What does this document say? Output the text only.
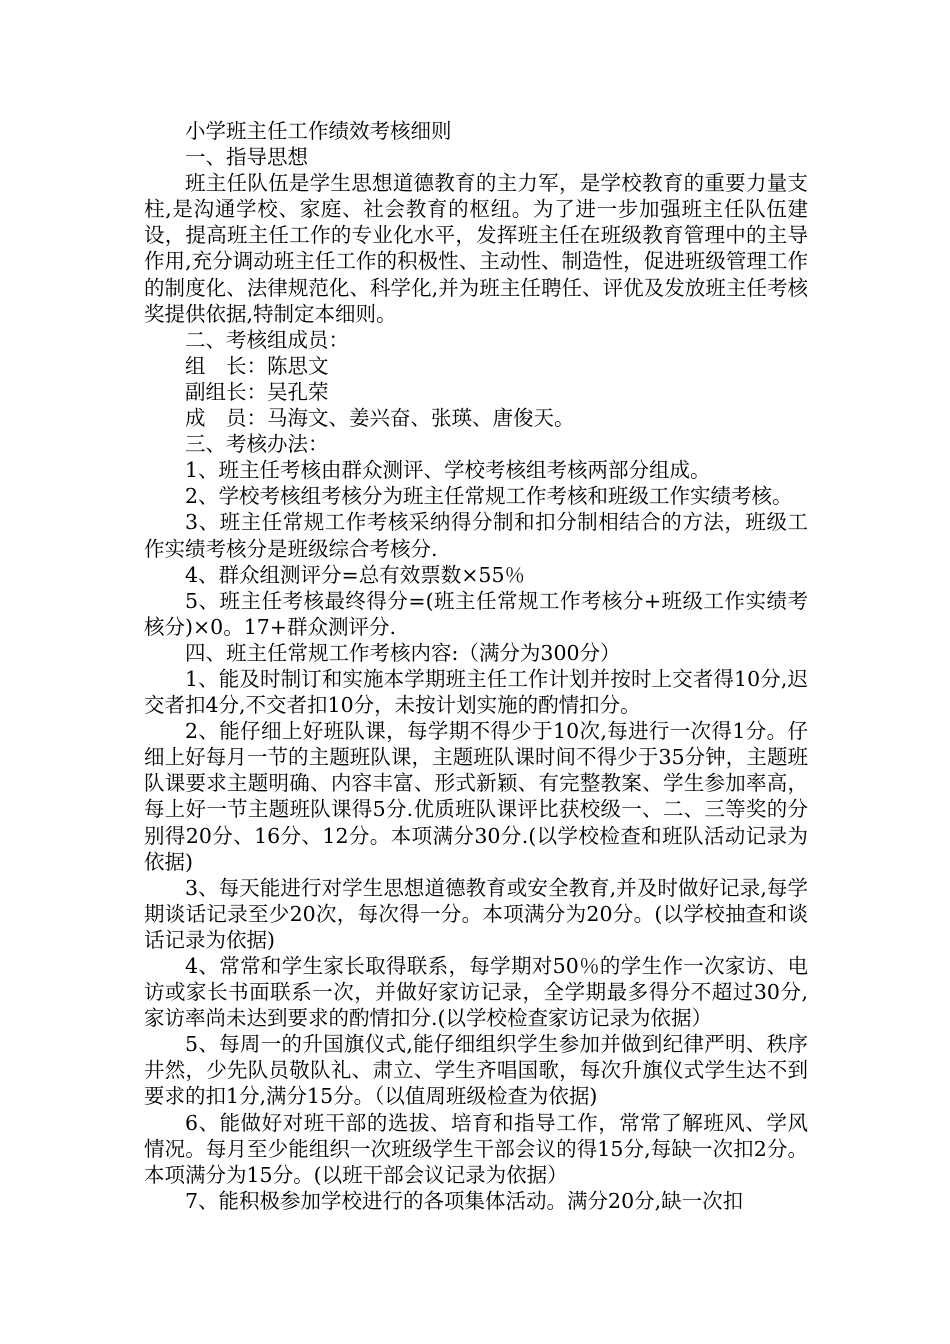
小学班主任工作绩效考核细则

一、指导思想

班主任队伍是学生思想道德教育的主力军，是学校教育的重要力量支柱,是沟通学校、家庭、社会教育的枢纽。为了进一步加强班主任队伍建设，提高班主任工作的专业化水平，发挥班主任在班级教育管理中的主导作用,充分调动班主任工作的积极性、主动性、制造性，促进班级管理工作的制度化、法律规范化、科学化,并为班主任聘任、评优及发放班主任考核奖提供依据,特制定本细则。

二、考核组成员：

组　长：陈思文

副组长：吴孔荣

成　员：马海文、姜兴奋、张瑛、唐俊天。

三、考核办法：

1、班主任考核由群众测评、学校考核组考核两部分组成。

2、学校考核组考核分为班主任常规工作考核和班级工作实绩考核。

3、班主任常规工作考核采纳得分制和扣分制相结合的方法，班级工作实绩考核分是班级综合考核分.

4、群众组测评分=总有效票数×55％

5、班主任考核最终得分=(班主任常规工作考核分+班级工作实绩考核分)×0。17+群众测评分.

四、班主任常规工作考核内容:（满分为300分）

1、能及时制订和实施本学期班主任工作计划并按时上交者得10分,迟交者扣4分,不交者扣10分，未按计划实施的酌情扣分。

2、能仔细上好班队课，每学期不得少于10次,每进行一次得1分。仔细上好每月一节的主题班队课，主题班队课时间不得少于35分钟，主题班队课要求主题明确、内容丰富、形式新颖、有完整教案、学生参加率高，每上好一节主题班队课得5分.优质班队课评比获校级一、二、三等奖的分别得20分、16分、12分。本项满分30分.(以学校检查和班队活动记录为依据)

3、每天能进行对学生思想道德教育或安全教育,并及时做好记录,每学期谈话记录至少20次，每次得一分。本项满分为20分。(以学校抽查和谈话记录为依据)

4、常常和学生家长取得联系，每学期对50％的学生作一次家访、电访或家长书面联系一次，并做好家访记录，全学期最多得分不超过30分,家访率尚未达到要求的酌情扣分.(以学校检查家访记录为依据）

5、每周一的升国旗仪式,能仔细组织学生参加并做到纪律严明、秩序井然，少先队员敬队礼、肃立、学生齐唱国歌，每次升旗仪式学生达不到要求的扣1分,满分15分。（以值周班级检查为依据)

6、能做好对班干部的选拔、培育和指导工作，常常了解班风、学风情况。每月至少能组织一次班级学生干部会议的得15分,每缺一次扣2分。本项满分为15分。(以班干部会议记录为依据）

7、能积极参加学校进行的各项集体活动。满分20分,缺一次扣
